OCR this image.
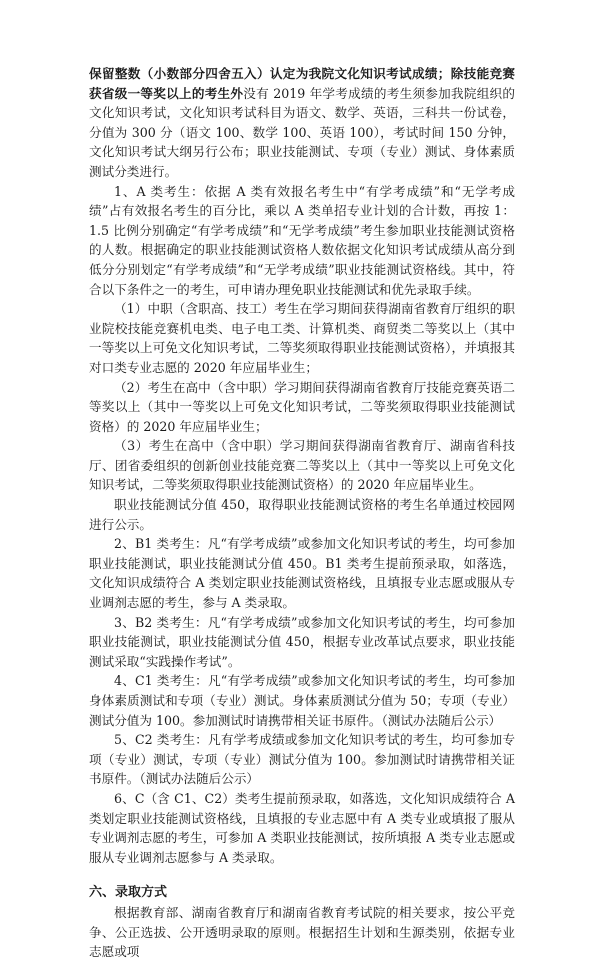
保留整数（小数部分四舍五入）认定为我院文化知识考试成绩；除技能竞赛获省级一等奖以上的考生外没有 2019 年学考成绩的考生须参加我院组织的文化知识考试，文化知识考试科目为语文、数学、英语，三科共一份试卷，分值为 300 分（语文 100、数学 100、英语 100），考试时间 150 分钟，文化知识考试大纲另行公布；职业技能测试、专项（专业）测试、身体素质测试分类进行。

1、A 类考生：依据 A 类有效报名考生中“有学考成绩”和“无学考成绩”占有效报名考生的百分比，乘以 A 类单招专业计划的合计数，再按 1：1.5 比例分别确定“有学考成绩”和“无学考成绩”考生参加职业技能测试资格的人数。根据确定的职业技能测试资格人数依据文化知识考试成绩从高分到低分分别划定“有学考成绩”和“无学考成绩”职业技能测试资格线。其中，符合以下条件之一的考生，可申请办理免职业技能测试和优先录取手续。

（1）中职（含职高、技工）考生在学习期间获得湖南省教育厅组织的职业院校技能竞赛机电类、电子电工类、计算机类、商贸类二等奖以上（其中一等奖以上可免文化知识考试，二等奖须取得职业技能测试资格），并填报其对口类专业志愿的 2020 年应届毕业生；

（2）考生在高中（含中职）学习期间获得湖南省教育厅技能竞赛英语二等奖以上（其中一等奖以上可免文化知识考试，二等奖须取得职业技能测试资格）的 2020 年应届毕业生；

（3）考生在高中（含中职）学习期间获得湖南省教育厅、湖南省科技厅、团省委组织的创新创业技能竞赛二等奖以上（其中一等奖以上可免文化知识考试，二等奖须取得职业技能测试资格）的 2020 年应届毕业生。

职业技能测试分值 450，取得职业技能测试资格的考生名单通过校园网进行公示。

2、B1 类考生：凡“有学考成绩”或参加文化知识考试的考生，均可参加职业技能测试，职业技能测试分值 450。B1 类考生提前预录取，如落选，文化知识成绩符合 A 类划定职业技能测试资格线，且填报专业志愿或服从专业调剂志愿的考生，参与 A 类录取。

3、B2 类考生：凡“有学考成绩”或参加文化知识考试的考生，均可参加职业技能测试，职业技能测试分值 450，根据专业改革试点要求，职业技能测试采取“实践操作考试”。

4、C1 类考生：凡“有学考成绩”或参加文化知识考试的考生，均可参加身体素质测试和专项（专业）测试。身体素质测试分值为 50；专项（专业）测试分值为 100。参加测试时请携带相关证书原件。（测试办法随后公示）

5、C2 类考生：凡有学考成绩或参加文化知识考试的考生，均可参加专项（专业）测试，专项（专业）测试分值为 100。参加测试时请携带相关证书原件。（测试办法随后公示）

6、C（含 C1、C2）类考生提前预录取，如落选，文化知识成绩符合 A 类划定职业技能测试资格线，且填报的专业志愿中有 A 类专业或填报了服从专业调剂志愿的考生，可参加 A 类职业技能测试，按所填报 A 类专业志愿或服从专业调剂志愿参与 A 类录取。

六、录取方式

根据教育部、湖南省教育厅和湖南省教育考试院的相关要求，按公平竞争、公正选拔、公开透明录取的原则。根据招生计划和生源类别，依据专业志愿或项
